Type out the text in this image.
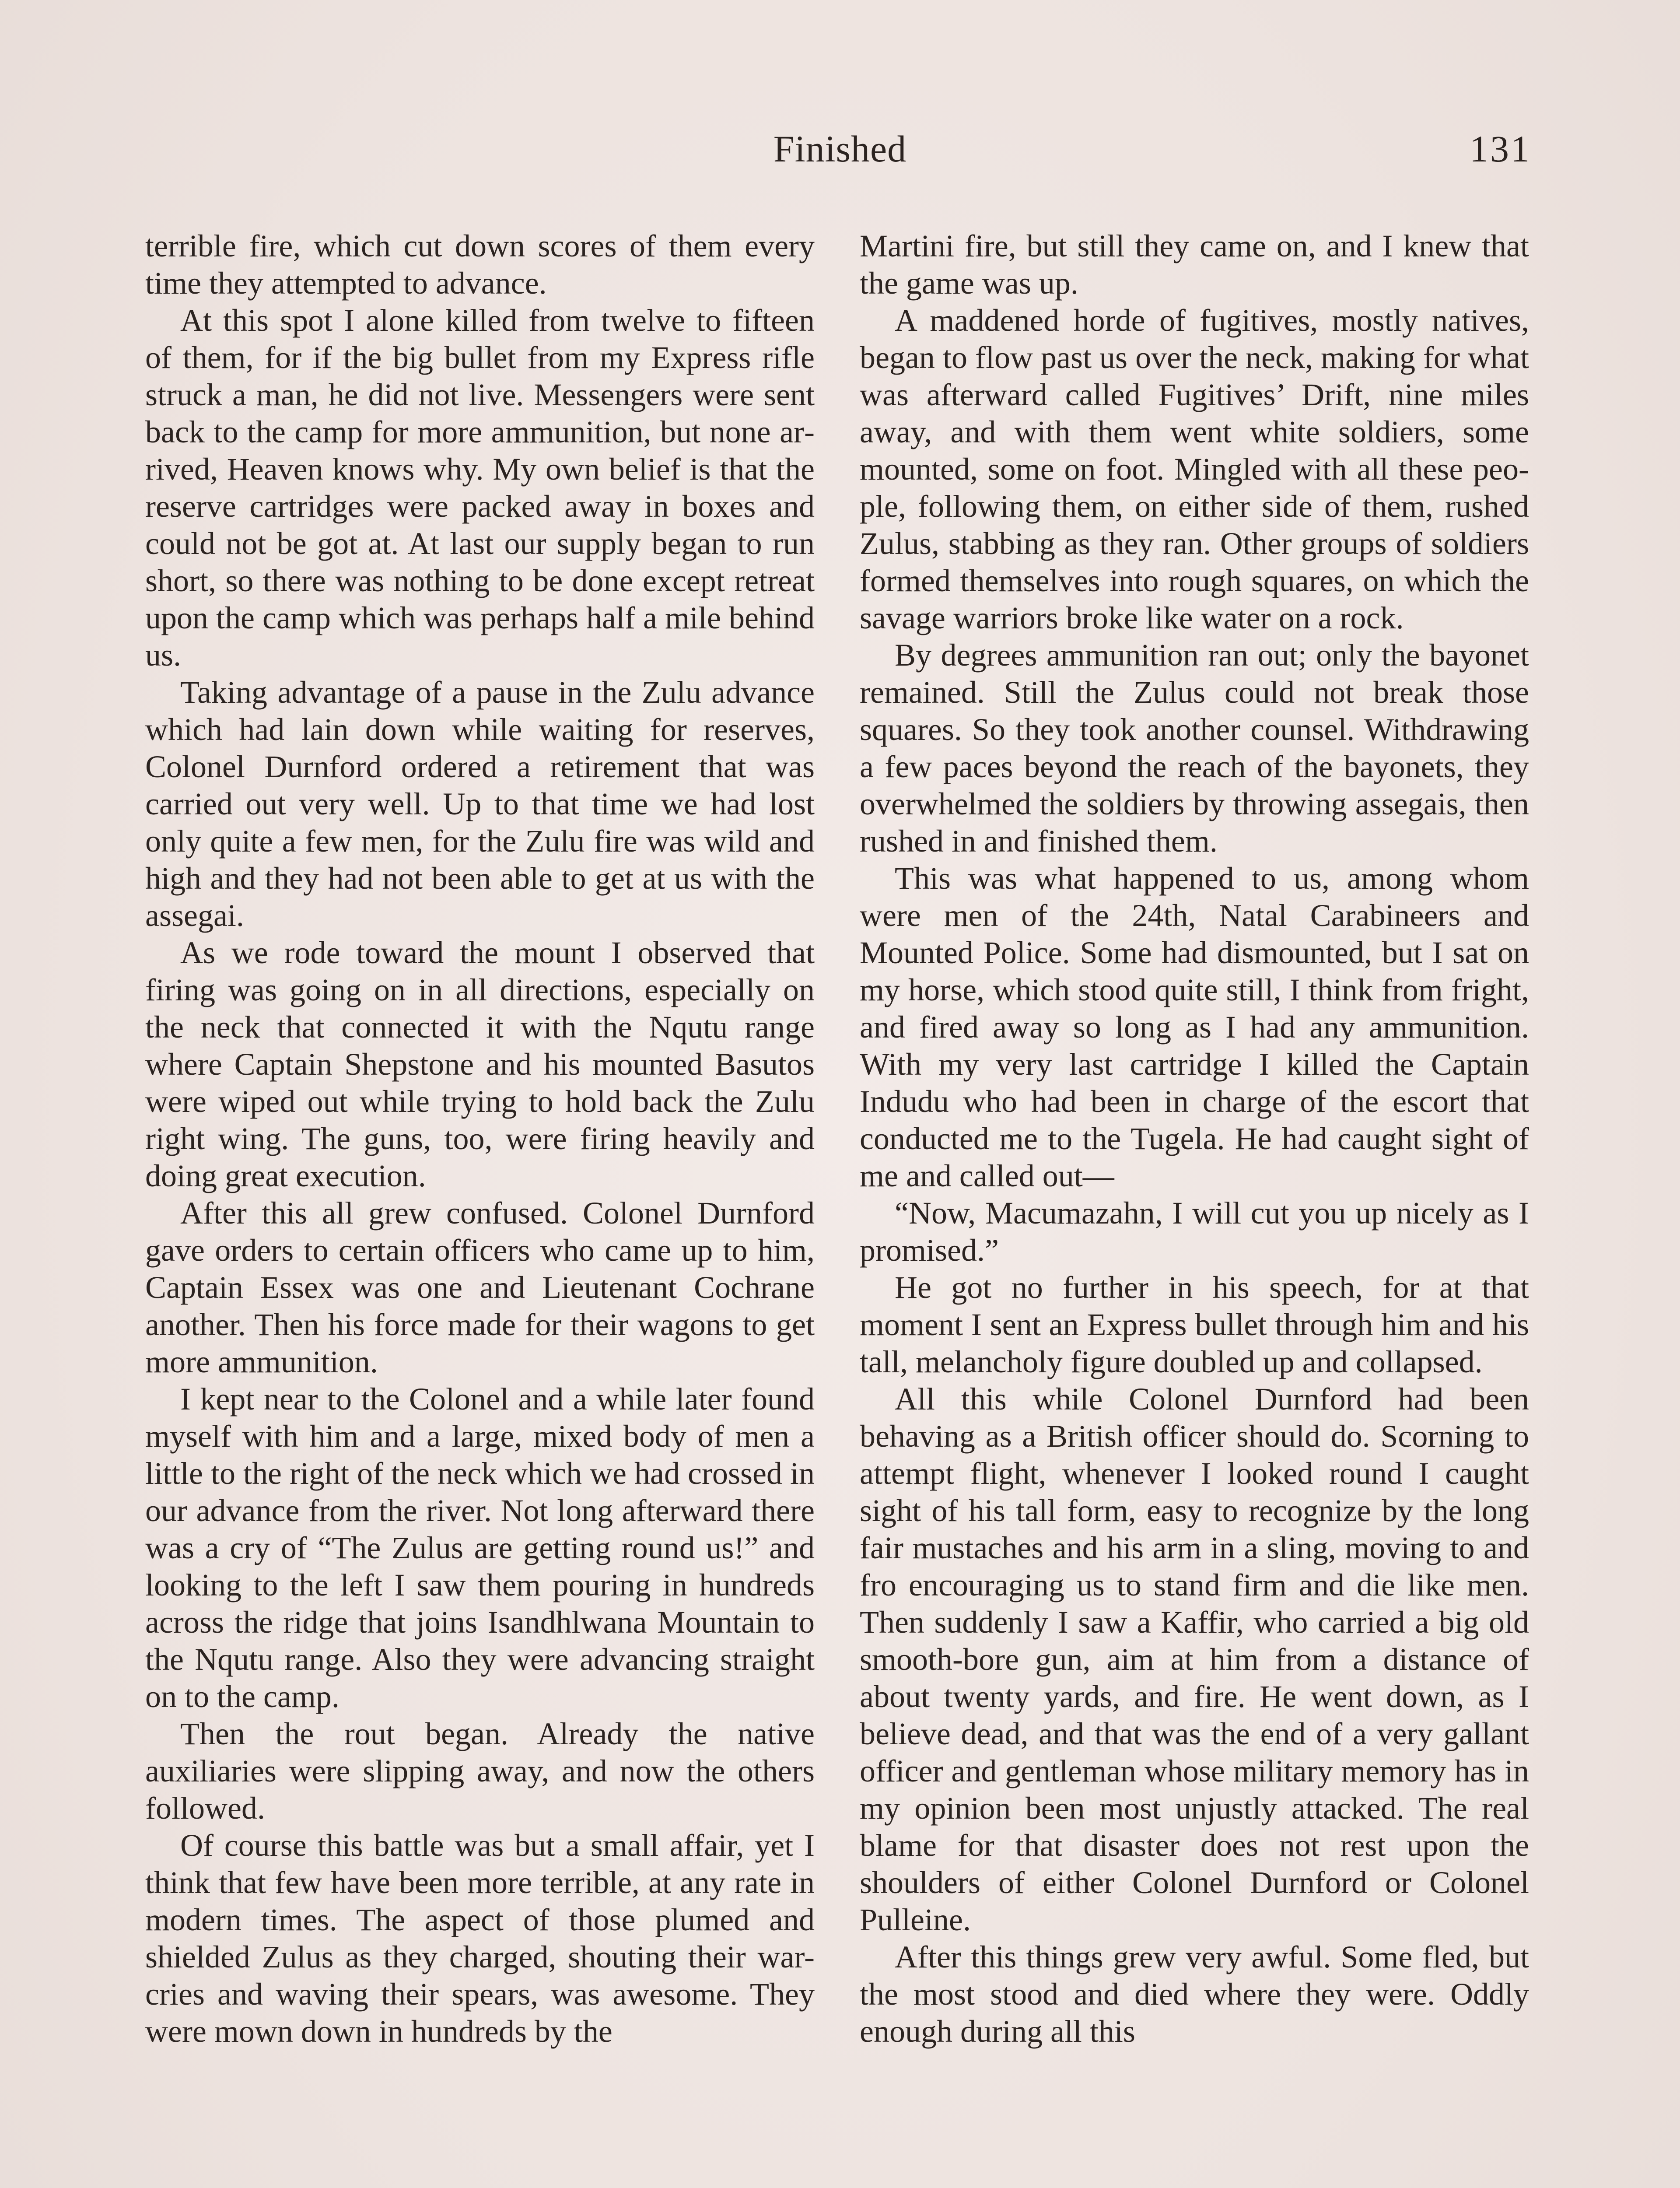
Finished	131

terrible fire, which cut down scores of them every time they attempted to advance.

At this spot I alone killed from twelve to fifteen of them, for if the big bullet from my Express rifle struck a man, he did not live. Messengers were sent back to the camp for more ammunition, but none arrived, Heaven knows why. My own belief is that the reserve cartridges were packed away in boxes and could not be got at. At last our supply began to run short, so there was nothing to be done except retreat upon the camp which was perhaps half a mile behind us.

Taking advantage of a pause in the Zulu advance which had lain down while waiting for reserves, Colonel Durnford ordered a retirement that was carried out very well. Up to that time we had lost only quite a few men, for the Zulu fire was wild and high and they had not been able to get at us with the assegai.

As we rode toward the mount I observed that firing was going on in all directions, especially on the neck that connected it with the Nqutu range where Captain Shepstone and his mounted Basutos were wiped out while trying to hold back the Zulu right wing. The guns, too, were firing heavily and doing great execution.

After this all grew confused. Colonel Durnford gave orders to certain officers who came up to him, Captain Essex was one and Lieutenant Cochrane another. Then his force made for their wagons to get more ammunition.

I kept near to the Colonel and a while later found myself with him and a large, mixed body of men a little to the right of the neck which we had crossed in our advance from the river. Not long afterward there was a cry of “The Zulus are getting round us!” and looking to the left I saw them pouring in hundreds across the ridge that joins Isandhlwana Mountain to the Nqutu range. Also they were advancing straight on to the camp.

Then the rout began. Already the native auxiliaries were slipping away, and now the others followed.

Of course this battle was but a small affair, yet I think that few have been more terrible, at any rate in modern times. The aspect of those plumed and shielded Zulus as they charged, shouting their war-cries and waving their spears, was awesome. They were mown down in hundreds by the

Martini fire, but still they came on, and I knew that the game was up.

A maddened horde of fugitives, mostly natives, began to flow past us over the neck, making for what was afterward called Fugitives’ Drift, nine miles away, and with them went white soldiers, some mounted, some on foot. Mingled with all these people, following them, on either side of them, rushed Zulus, stabbing as they ran. Other groups of soldiers formed themselves into rough squares, on which the savage warriors broke like water on a rock.

By degrees ammunition ran out; only the bayonet remained. Still the Zulus could not break those squares. So they took another counsel. Withdrawing a few paces beyond the reach of the bayonets, they overwhelmed the soldiers by throwing assegais, then rushed in and finished them.

This was what happened to us, among whom were men of the 24th, Natal Carabineers and Mounted Police. Some had dismounted, but I sat on my horse, which stood quite still, I think from fright, and fired away so long as I had any ammunition. With my very last cartridge I killed the Captain Indudu who had been in charge of the escort that conducted me to the Tugela. He had caught sight of me and called out—

“Now, Macumazahn, I will cut you up nicely as I promised.”

He got no further in his speech, for at that moment I sent an Express bullet through him and his tall, melancholy figure doubled up and collapsed.

All this while Colonel Durnford had been behaving as a British officer should do. Scorning to attempt flight, whenever I looked round I caught sight of his tall form, easy to recognize by the long fair mustaches and his arm in a sling, moving to and fro encouraging us to stand firm and die like men. Then suddenly I saw a Kaffir, who carried a big old smooth-bore gun, aim at him from a distance of about twenty yards, and fire. He went down, as I believe dead, and that was the end of a very gallant officer and gentleman whose military memory has in my opinion been most unjustly attacked. The real blame for that disaster does not rest upon the shoulders of either Colonel Durnford or Colonel Pulleine.

After this things grew very awful. Some fled, but the most stood and died where they were. Oddly enough during all this
